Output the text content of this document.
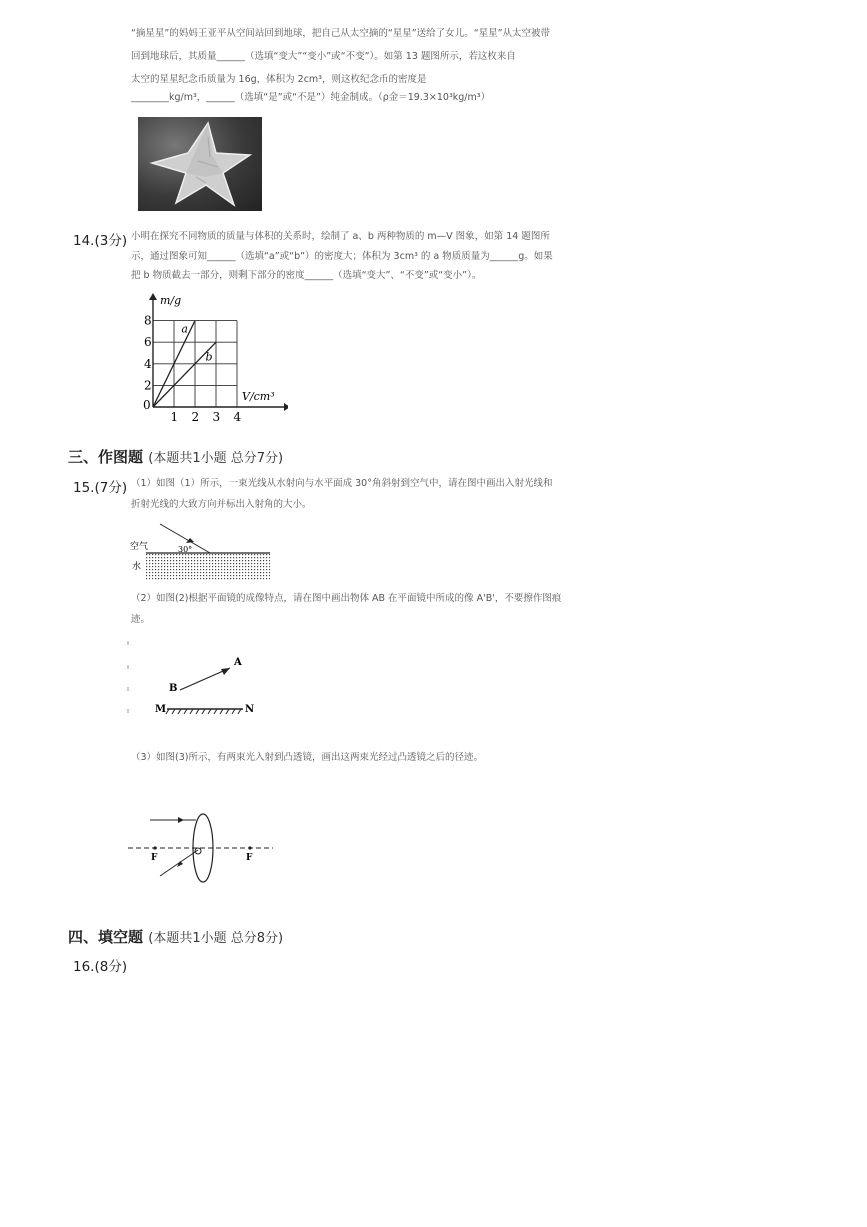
“摘星星”的妈妈王亚平从空间站回到地球，把自己从太空摘的“星星”送给了女儿。“星星”从太空被带
回到地球后，其质量______（选填“变大”“变小”或“不变”）。如第 13 题图所示，若这枚来自
太空的星星纪念币质量为 16g，体积为 2cm³，则这枚纪念币的密度是
________kg/m³，______（选填“是”或“不是”）纯金制成。（ρ金＝19.3×10³kg/m³）
14.(3分) 小明在探究不同物质的质量与体积的关系时，绘制了 a、b 两种物质的 m—V 图象，如第 14 题图所
示，通过图象可知______（选填“a”或“b”）的密度大；体积为 3cm³ 的 a 物质质量为______g。如果
把 b 物质截去一部分，则剩下部分的密度______（选填“变大”、“不变”或“变小”）。
m/g
V/cm³
8
6
4
2
0
1 2 3 4
a
b
三、作图题 (本题共1小题 总分7分)
15.(7分) （1）如图（1）所示，一束光线从水射向与水平面成 30°角斜射到空气中，请在图中画出入射光线和
折射光线的大致方向并标出入射角的大小。
空气
水
30°
（2）如图(2)根据平面镜的成像特点，请在图中画出物体 AB 在平面镜中所成的像 A'B'，不要擦作图痕
迹。
A
B
M	N
（3）如图(3)所示，有两束光入射到凸透镜，画出这两束光经过凸透镜之后的径迹。
F	F
四、填空题 (本题共1小题 总分8分)
16.(8分)
